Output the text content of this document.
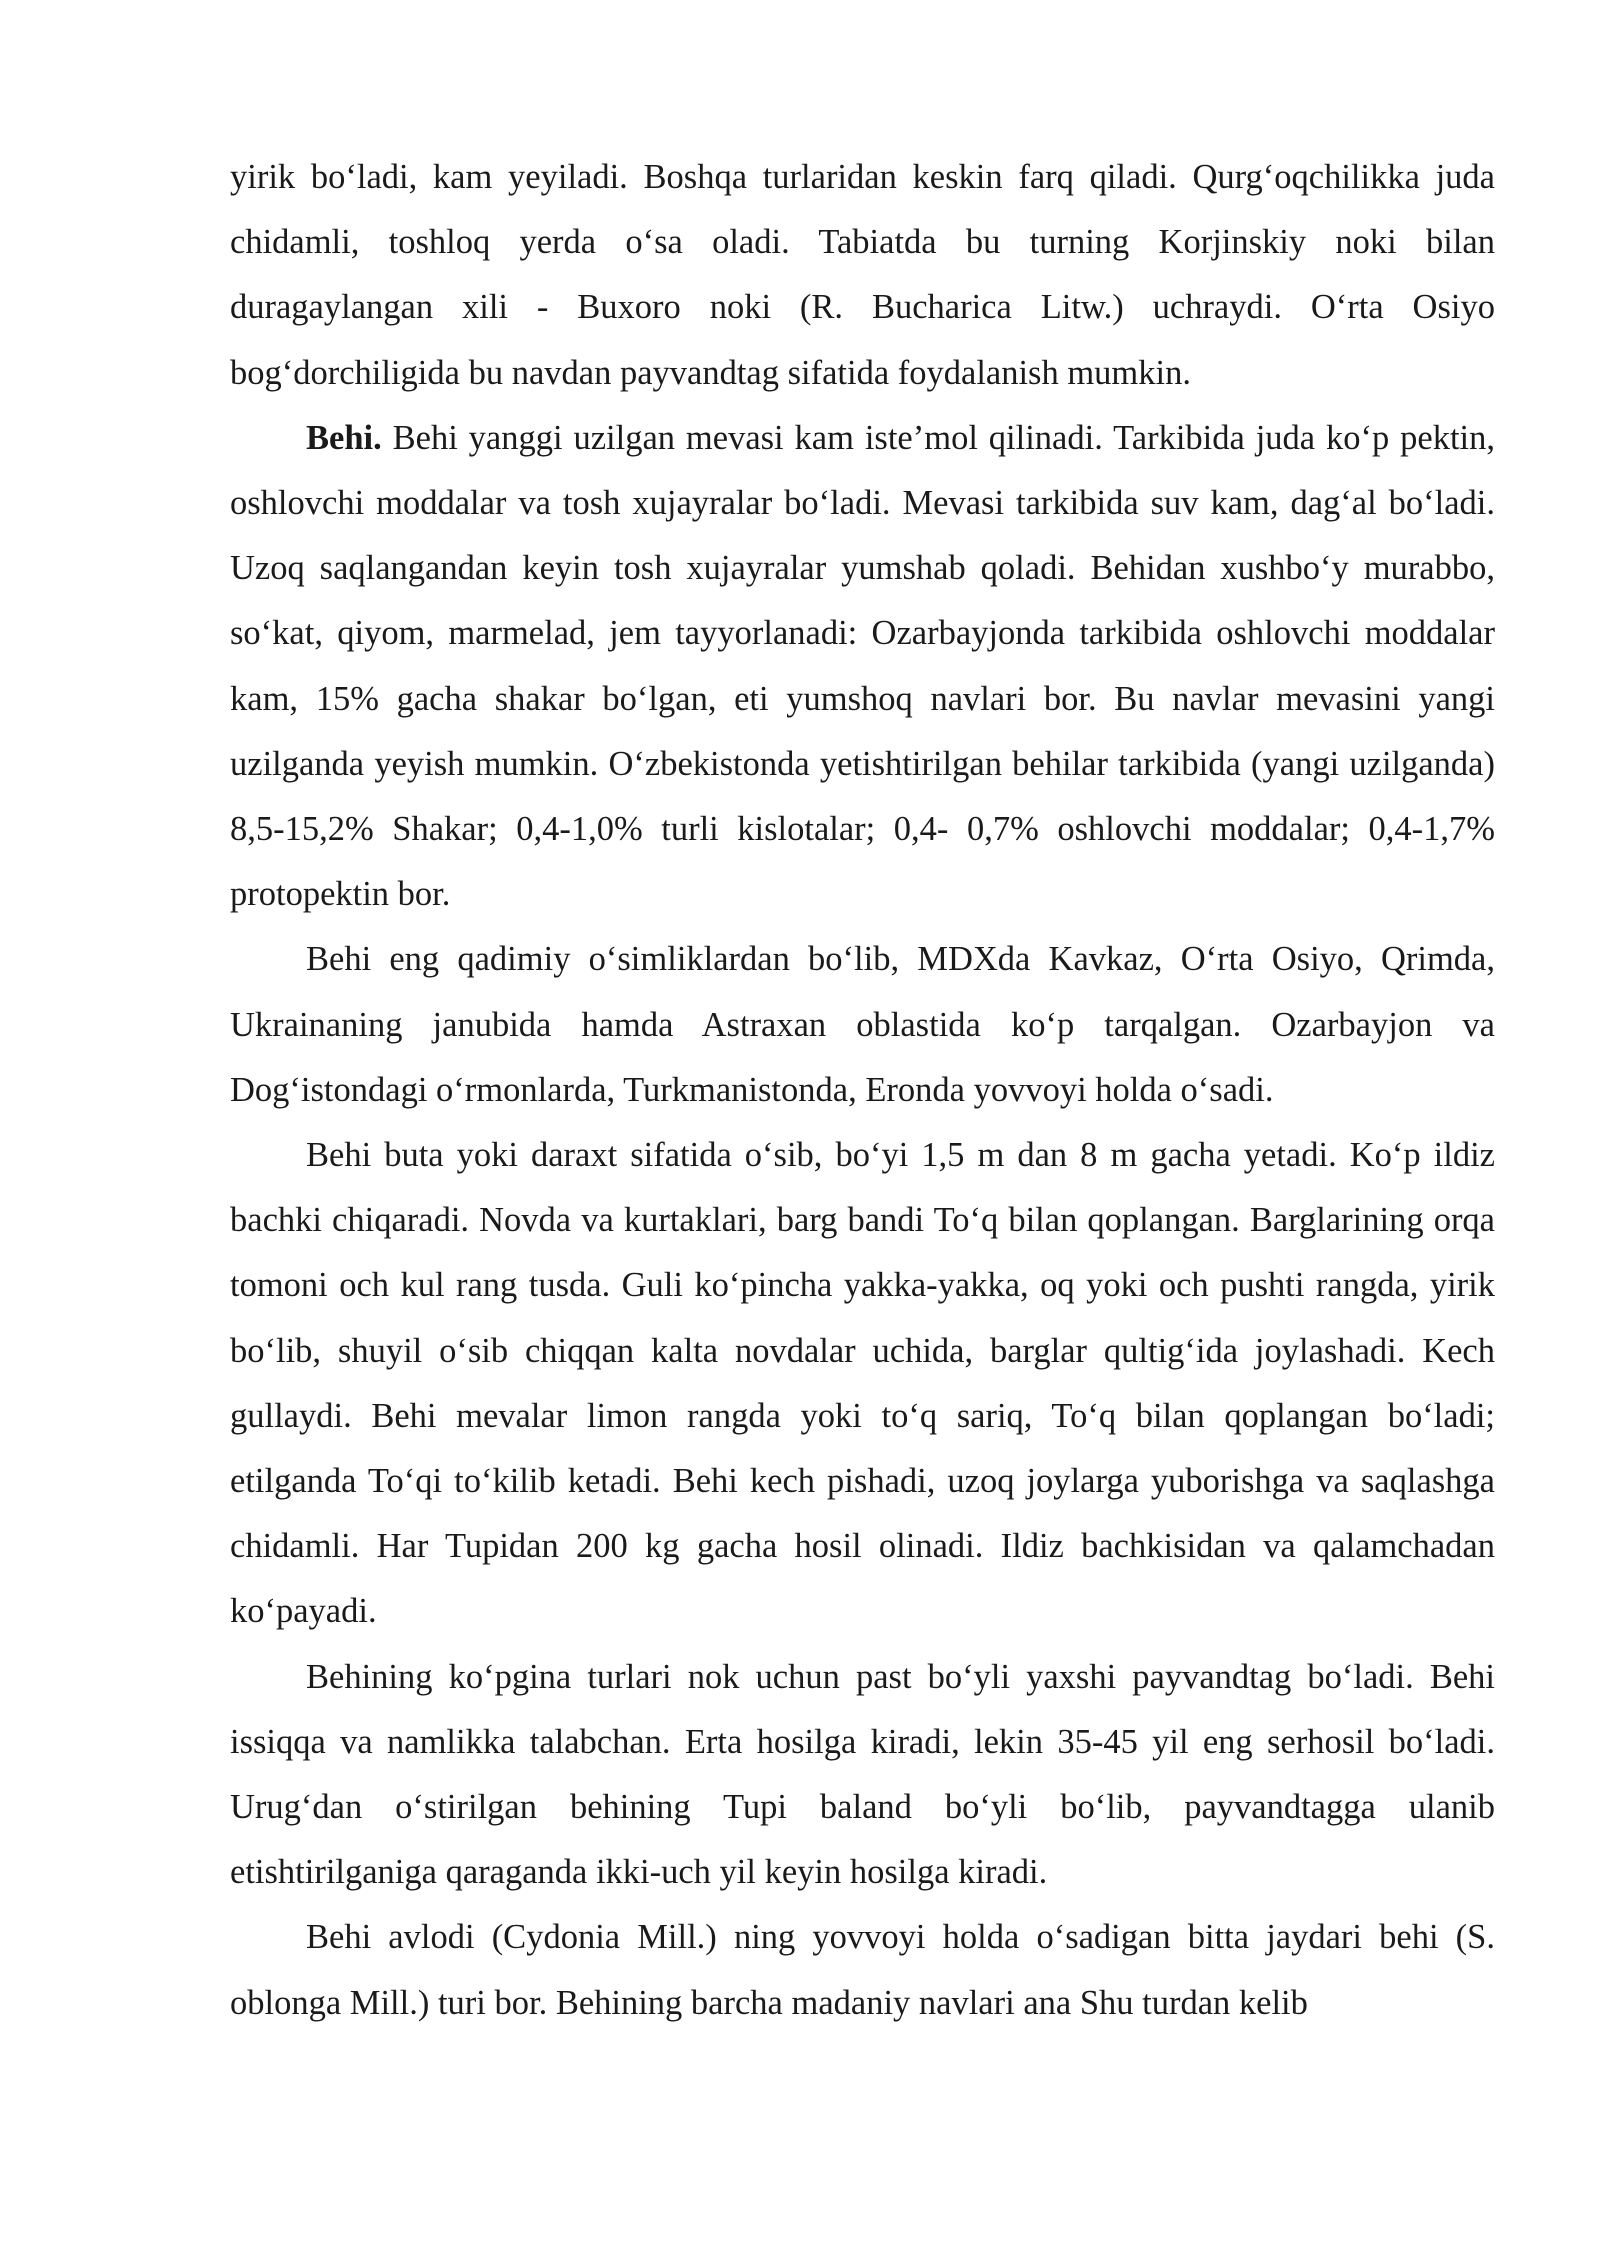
yirik bo‘ladi, kam yeyiladi. Boshqa turlaridan keskin farq qiladi. Qurg‘oqchilikka juda chidamli, toshloq yerda o‘sa oladi. Tabiatda bu turning Korjinskiy noki bilan duragaylangan xili - Buxoro noki (R. Bucharica Litw.) uchraydi. O‘rta Osiyo bog‘dorchiligida bu navdan payvandtag sifatida foydalanish mumkin.

Behi. Behi yanggi uzilgan mevasi kam iste’mol qilinadi. Tarkibida juda ko‘p pektin, oshlovchi moddalar va tosh xujayralar bo‘ladi. Mevasi tarkibida suv kam, dag‘al bo‘ladi. Uzoq saqlangandan keyin tosh xujayralar yumshab qoladi. Behidan xushbo‘y murabbo, so‘kat, qiyom, marmelad, jem tayyorlanadi: Ozarbayjonda tarkibida oshlovchi moddalar kam, 15% gacha shakar bo‘lgan, eti yumshoq navlari bor. Bu navlar mevasini yangi uzilganda yeyish mumkin. O‘zbekistonda yetishtirilgan behilar tarkibida (yangi uzilganda) 8,5-15,2% Shakar; 0,4-1,0% turli kislotalar; 0,4- 0,7% oshlovchi moddalar; 0,4-1,7% protopektin bor.

Behi eng qadimiy o‘simliklardan bo‘lib, MDXda Kavkaz, O‘rta Osiyo, Qrimda, Ukrainaning janubida hamda Astraxan oblastida ko‘p tarqalgan. Ozarbayjon va Dog‘istondagi o‘rmonlarda, Turkmanistonda, Eronda yovvoyi holda o‘sadi.

Behi buta yoki daraxt sifatida o‘sib, bo‘yi 1,5 m dan 8 m gacha yetadi. Ko‘p ildiz bachki chiqaradi. Novda va kurtaklari, barg bandi To‘q bilan qoplangan. Barglarining orqa tomoni och kul rang tusda. Guli ko‘pincha yakka-yakka, oq yoki och pushti rangda, yirik bo‘lib, shuyil o‘sib chiqqan kalta novdalar uchida, barglar qultig‘ida joylashadi. Kech gullaydi. Behi mevalar limon rangda yoki to‘q sariq, To‘q bilan qoplangan bo‘ladi; etilganda To‘qi to‘kilib ketadi. Behi kech pishadi, uzoq joylarga yuborishga va saqlashga chidamli. Har Tupidan 200 kg gacha hosil olinadi. Ildiz bachkisidan va qalamchadan ko‘payadi.

Behining ko‘pgina turlari nok uchun past bo‘yli yaxshi payvandtag bo‘ladi. Behi issiqqa va namlikka talabchan. Erta hosilga kiradi, lekin 35-45 yil eng serhosil bo‘ladi. Urug‘dan o‘stirilgan behining Tupi baland bo‘yli bo‘lib, payvandtagga ulanib etishtirilganiga qaraganda ikki-uch yil keyin hosilga kiradi.

Behi avlodi (Cydonia Mill.) ning yovvoyi holda o‘sadigan bitta jaydari behi (S. oblonga Mill.) turi bor. Behining barcha madaniy navlari ana Shu turdan kelib
